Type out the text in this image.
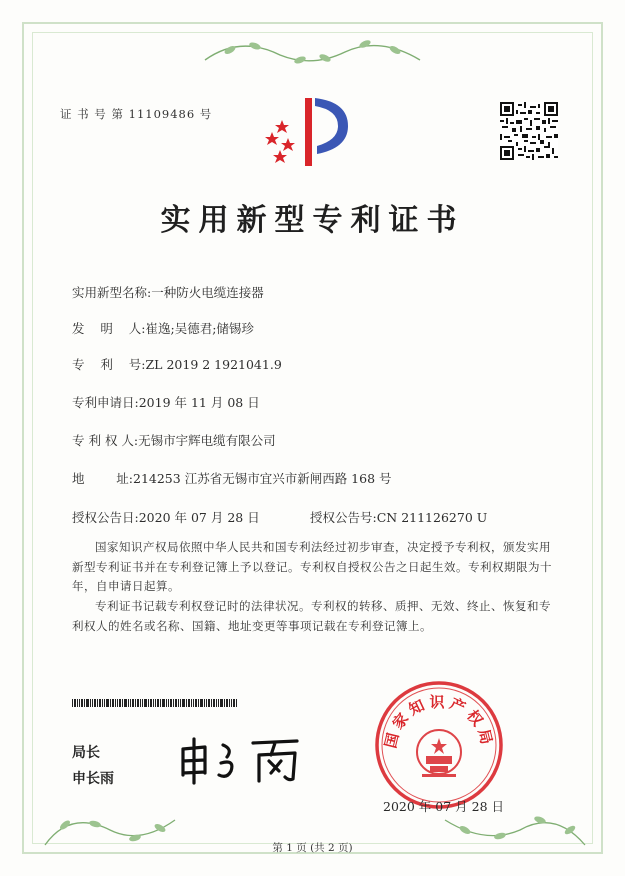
证 书 号 第 11109486 号
实用新型专利证书
实用新型名称:一种防火电缆连接器
发    明    人:崔逸;吴德君;储锡珍
专    利    号:ZL 2019 2 1921041.9
专利申请日:2019 年 11 月 08 日
专 利 权 人:无锡市宇辉电缆有限公司
地        址:214253 江苏省无锡市宜兴市新闸西路 168 号
授权公告日:2020 年 07 月 28 日	授权公告号:CN 211126270 U
国家知识产权局依照中华人民共和国专利法经过初步审查，决定授予专利权，颁发实用新型专利证书并在专利登记簿上予以登记。专利权自授权公告之日起生效。专利权期限为十年，自申请日起算。
专利证书记载专利权登记时的法律状况。专利权的转移、质押、无效、终止、恢复和专利权人的姓名或名称、国籍、地址变更等事项记载在专利登记簿上。
局长
申长雨
国家知识产权局
2020 年 07 月 28 日
第 1 页 (共 2 页)
